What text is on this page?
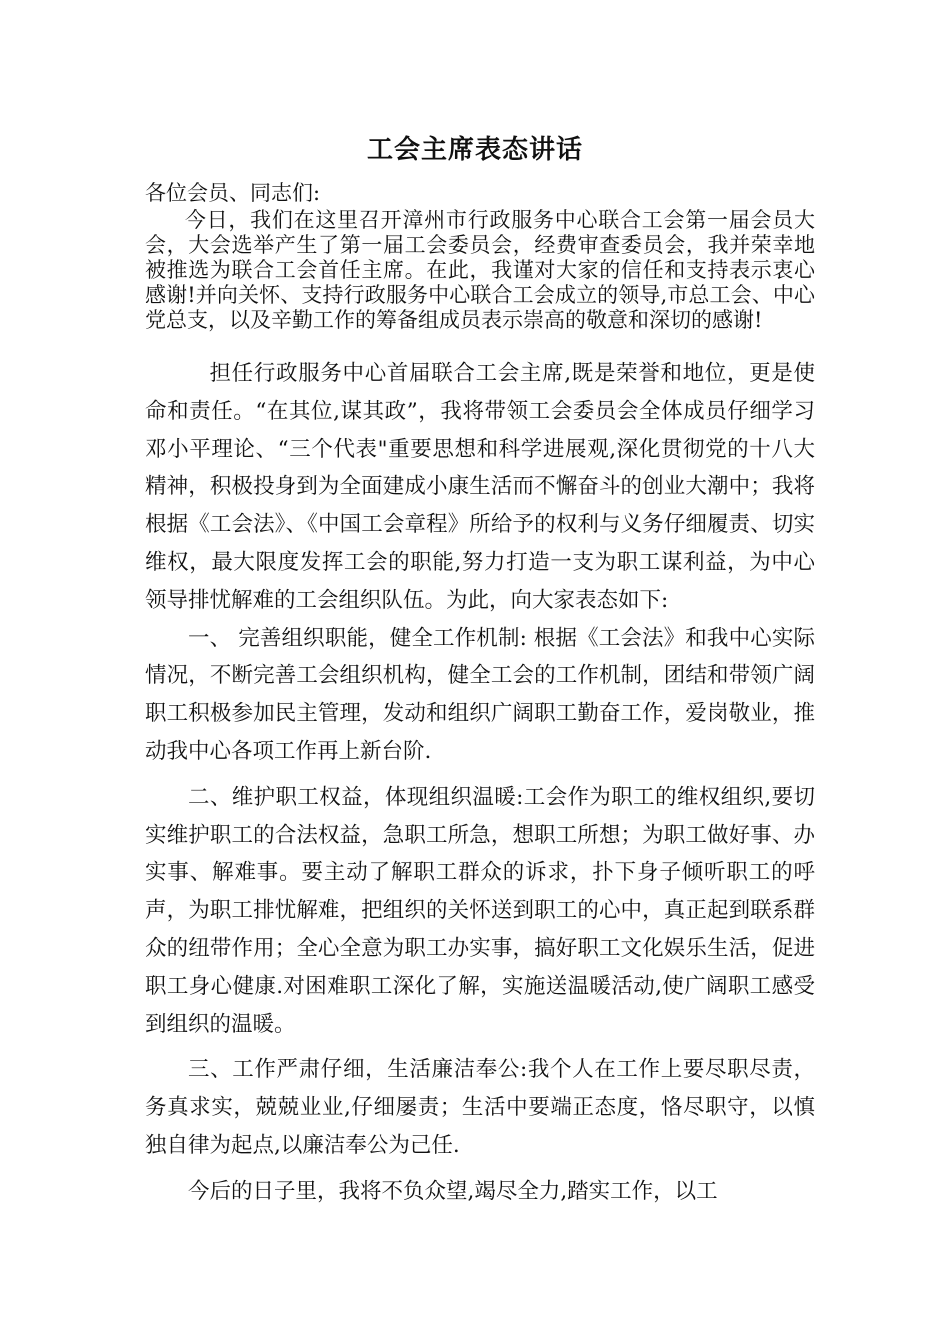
工会主席表态讲话
各位会员、同志们:
今日，我们在这里召开漳州市行政服务中心联合工会第一届会员大会，大会选举产生了第一届工会委员会，经费审查委员会，我并荣幸地被推选为联合工会首任主席。在此，我谨对大家的信任和支持表示衷心感谢!并向关怀、支持行政服务中心联合工会成立的领导,市总工会、中心党总支，以及辛勤工作的筹备组成员表示崇高的敬意和深切的感谢!

担任行政服务中心首届联合工会主席,既是荣誉和地位，更是使命和责任。“在其位,谋其政”，我将带领工会委员会全体成员仔细学习邓小平理论、“三个代表"重要思想和科学进展观,深化贯彻党的十八大精神，积极投身到为全面建成小康生活而不懈奋斗的创业大潮中；我将根据《工会法》、《中国工会章程》所给予的权利与义务仔细履责、切实维权，最大限度发挥工会的职能,努力打造一支为职工谋利益，为中心领导排忧解难的工会组织队伍。为此，向大家表态如下:

一、 完善组织职能，健全工作机制: 根据《工会法》和我中心实际情况，不断完善工会组织机构，健全工会的工作机制，团结和带领广阔职工积极参加民主管理，发动和组织广阔职工勤奋工作，爱岗敬业，推动我中心各项工作再上新台阶.

二、维护职工权益，体现组织温暖:工会作为职工的维权组织,要切实维护职工的合法权益，急职工所急，想职工所想；为职工做好事、办实事、解难事。要主动了解职工群众的诉求，扑下身子倾听职工的呼声，为职工排忧解难，把组织的关怀送到职工的心中，真正起到联系群众的纽带作用；全心全意为职工办实事，搞好职工文化娱乐生活，促进职工身心健康.对困难职工深化了解，实施送温暖活动,使广阔职工感受到组织的温暖。

三、工作严肃仔细，生活廉洁奉公:我个人在工作上要尽职尽责，务真求实，兢兢业业,仔细屡责；生活中要端正态度，恪尽职守，以慎独自律为起点,以廉洁奉公为己任.

今后的日子里，我将不负众望,竭尽全力,踏实工作，以工
